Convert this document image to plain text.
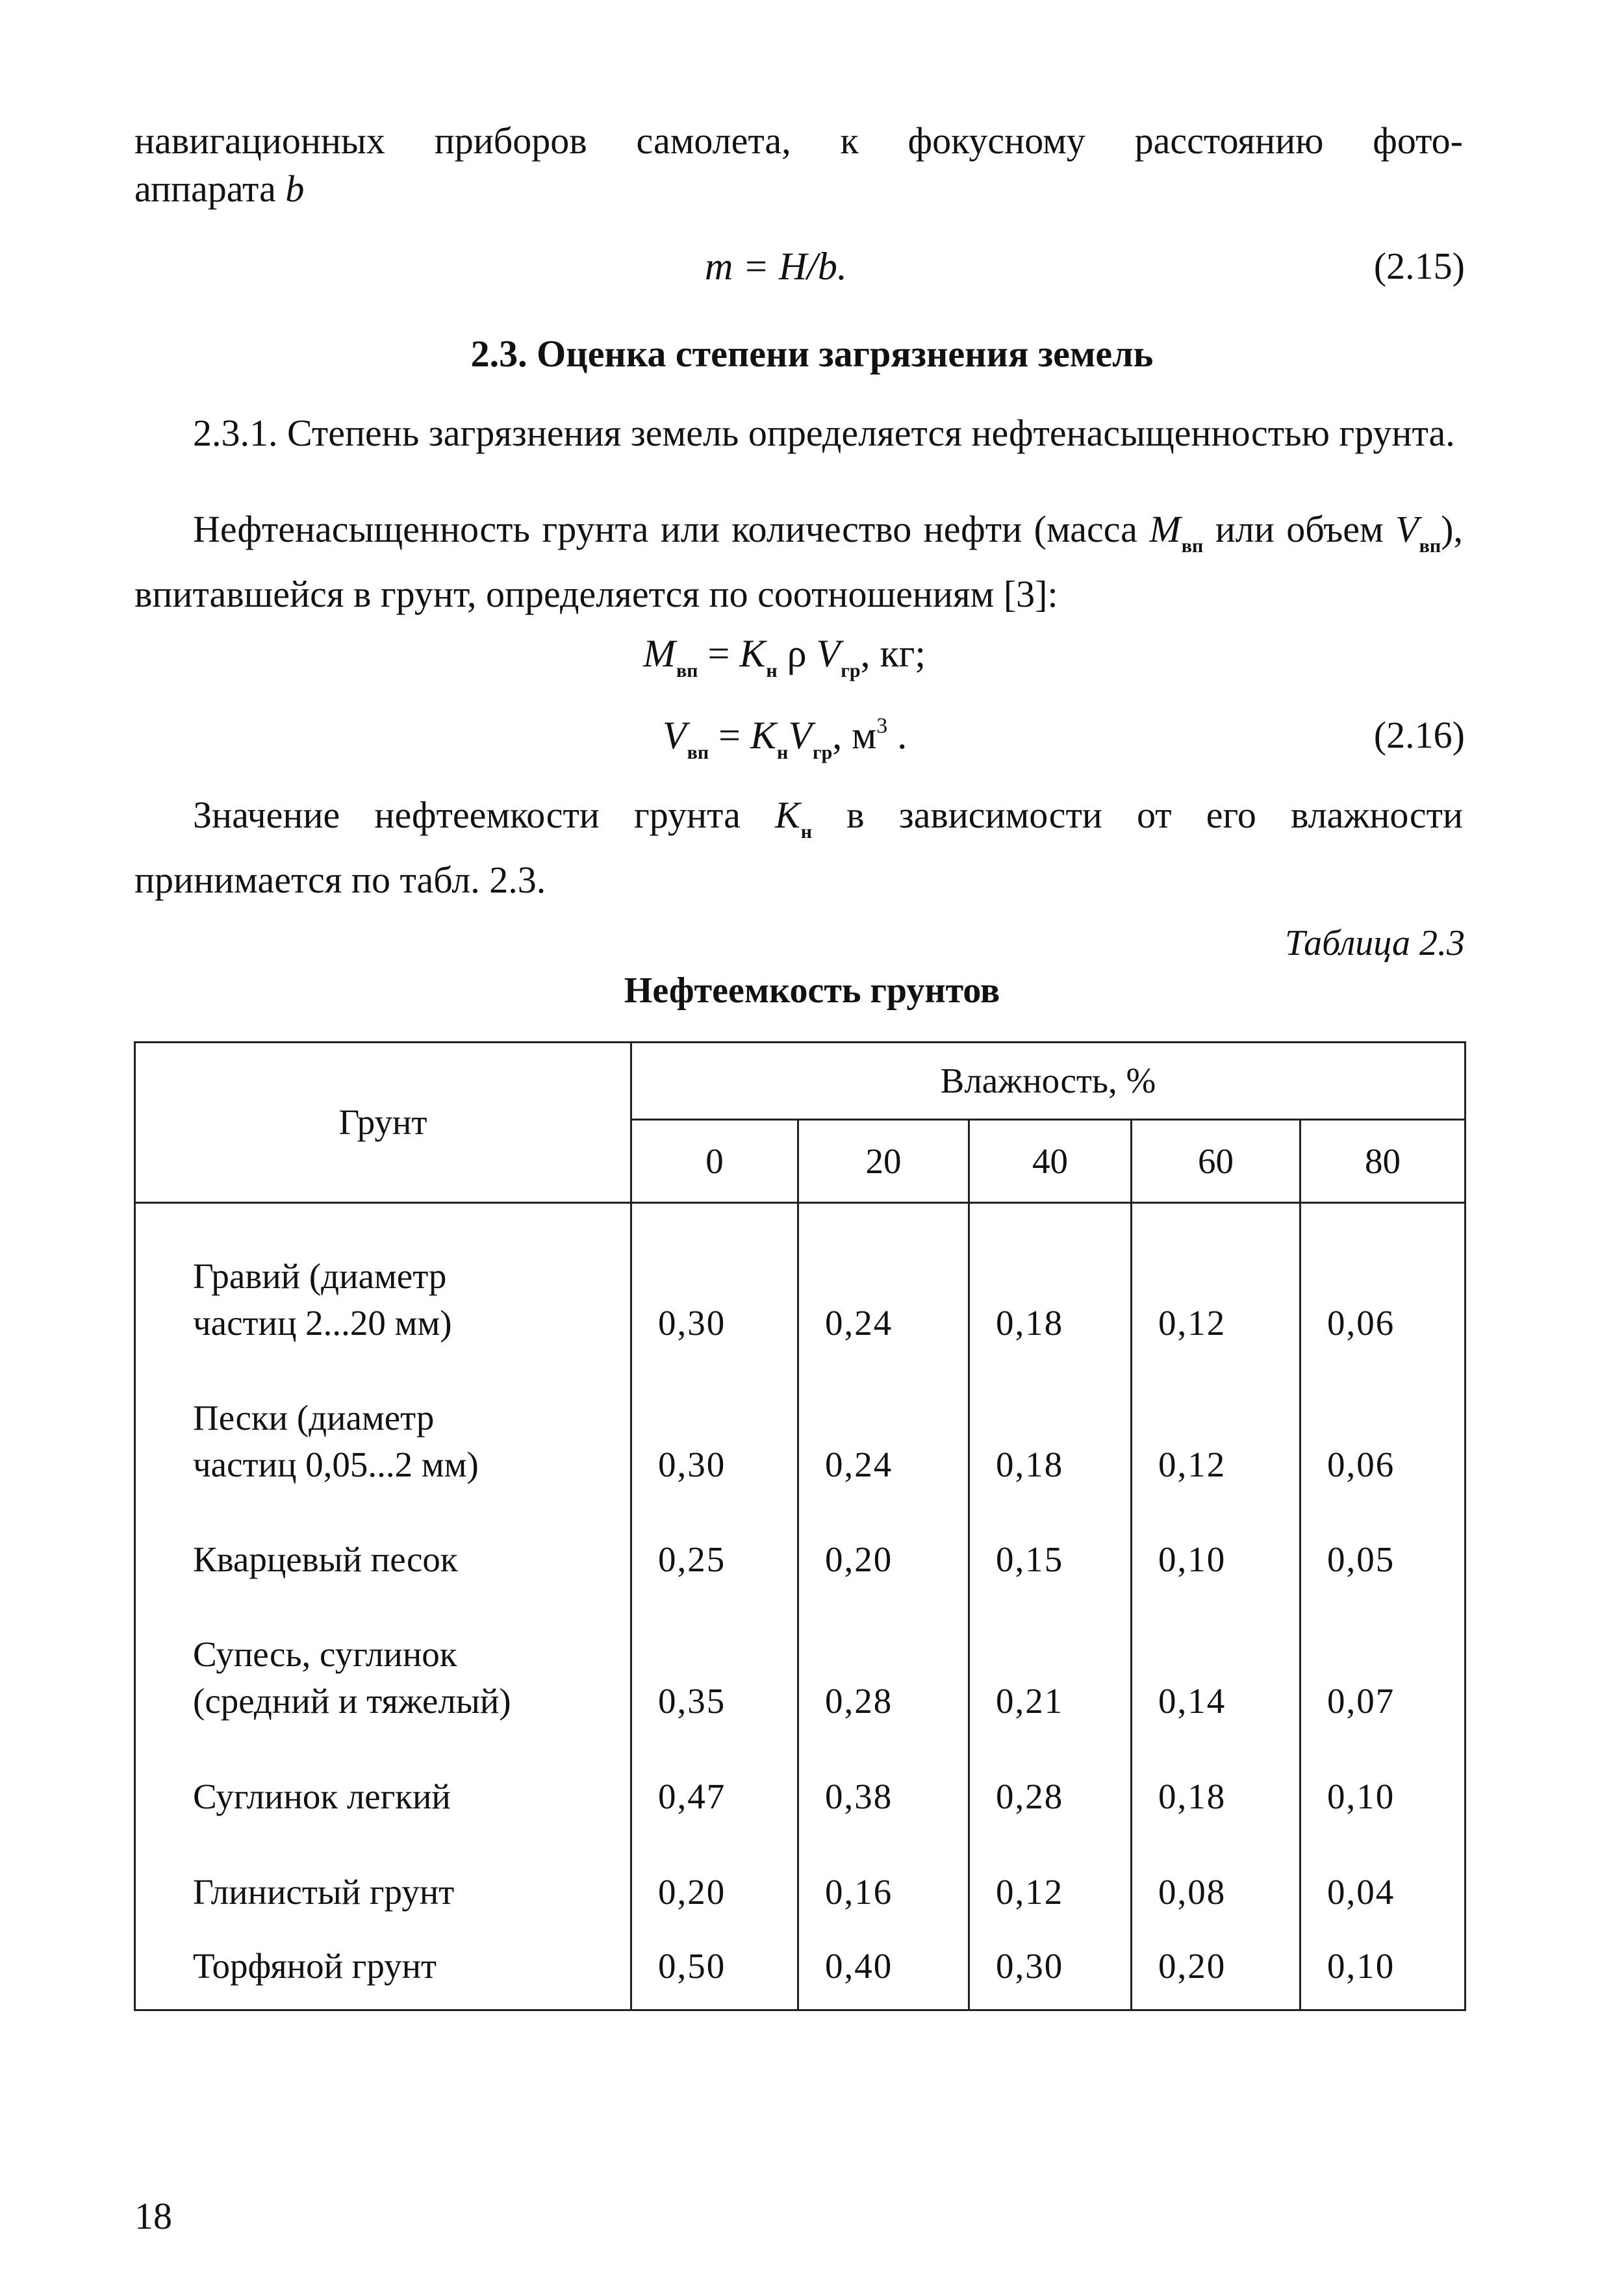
навигационных приборов самолета, к фокусному расстоянию фото-
аппарата b
m = H/b.	(2.15)
2.3. Оценка степени загрязнения земель
2.3.1. Степень загрязнения земель определяется нефтенасыщенностью грунта.
Нефтенасыщенность грунта или количество нефти (масса $M_{вп}$ или объем $V_{вп}$), впитавшейся в грунт, определяется по соотношениям [3]:
$M_{вп} = K_н$ ρ $V_{гр}$, кг;
$V_{вп} = K_нV_{гр}$, $м^3$ .	(2.16)
Значение нефтеемкости грунта $K_н$ в зависимости от его влажности принимается по табл. 2.3.
Таблица 2.3
Нефтеемкость грунтов
Грунт	Влажность, %				
	0	20	40	60	80
Гравий (диаметр
частиц 2...20 мм)	0,30	0,24	0,18	0,12	0,06
Пески (диаметр
частиц 0,05...2 мм)	0,30	0,24	0,18	0,12	0,06
Кварцевый песок	0,25	0,20	0,15	0,10	0,05
Супесь, суглинок
(средний и тяжелый)	0,35	0,28	0,21	0,14	0,07
Суглинок легкий	0,47	0,38	0,28	0,18	0,10
Глинистый грунт	0,20	0,16	0,12	0,08	0,04
Торфяной грунт	0,50	0,40	0,30	0,20	0,10
18
